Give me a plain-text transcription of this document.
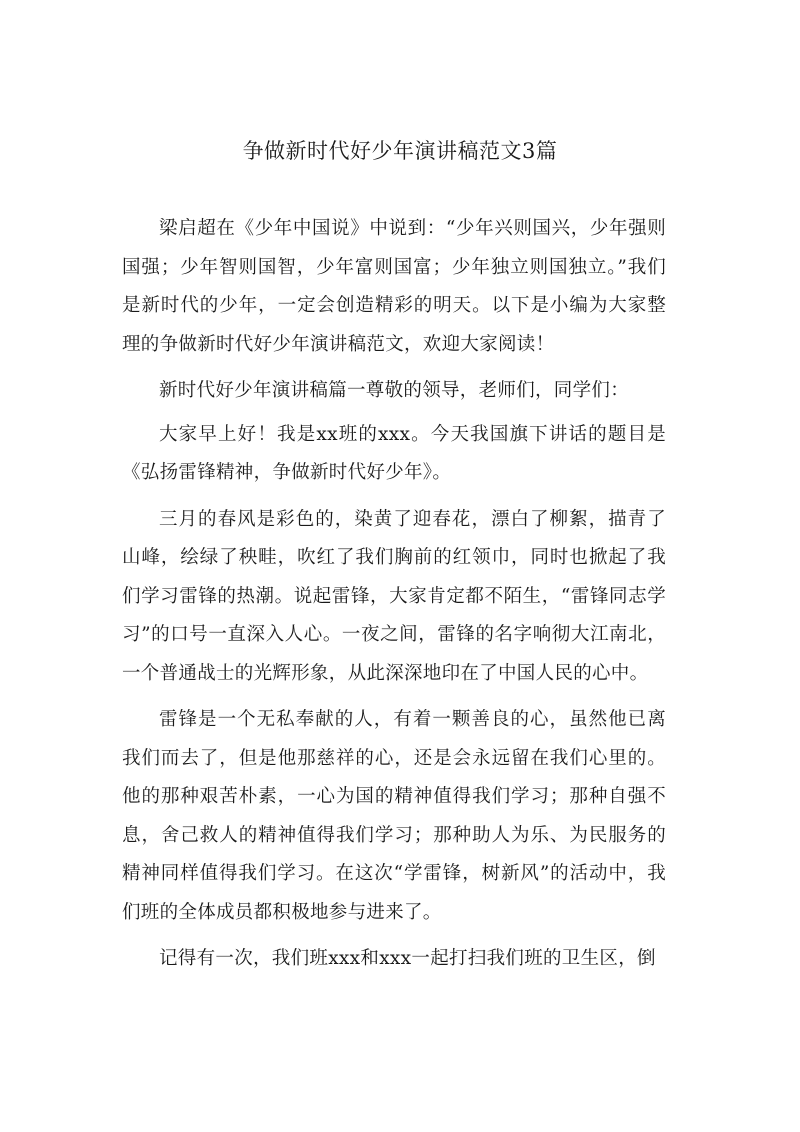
争做新时代好少年演讲稿范文3篇

梁启超在《少年中国说》中说到：“少年兴则国兴，少年强则国强；少年智则国智，少年富则国富；少年独立则国独立。”我们是新时代的少年，一定会创造精彩的明天。以下是小编为大家整理的争做新时代好少年演讲稿范文，欢迎大家阅读！

新时代好少年演讲稿篇一尊敬的领导，老师们，同学们：

大家早上好！我是xx班的xxx。今天我国旗下讲话的题目是《弘扬雷锋精神，争做新时代好少年》。

三月的春风是彩色的，染黄了迎春花，漂白了柳絮，描青了山峰，绘绿了秧畦，吹红了我们胸前的红领巾，同时也掀起了我们学习雷锋的热潮。说起雷锋，大家肯定都不陌生，“雷锋同志学习”的口号一直深入人心。一夜之间，雷锋的名字响彻大江南北，一个普通战士的光辉形象，从此深深地印在了中国人民的心中。

雷锋是一个无私奉献的人，有着一颗善良的心，虽然他已离我们而去了，但是他那慈祥的心，还是会永远留在我们心里的。他的那种艰苦朴素，一心为国的精神值得我们学习；那种自强不息，舍己救人的精神值得我们学习；那种助人为乐、为民服务的精神同样值得我们学习。在这次“学雷锋，树新风”的活动中，我们班的全体成员都积极地参与进来了。

记得有一次，我们班xxx和xxx一起打扫我们班的卫生区，倒
